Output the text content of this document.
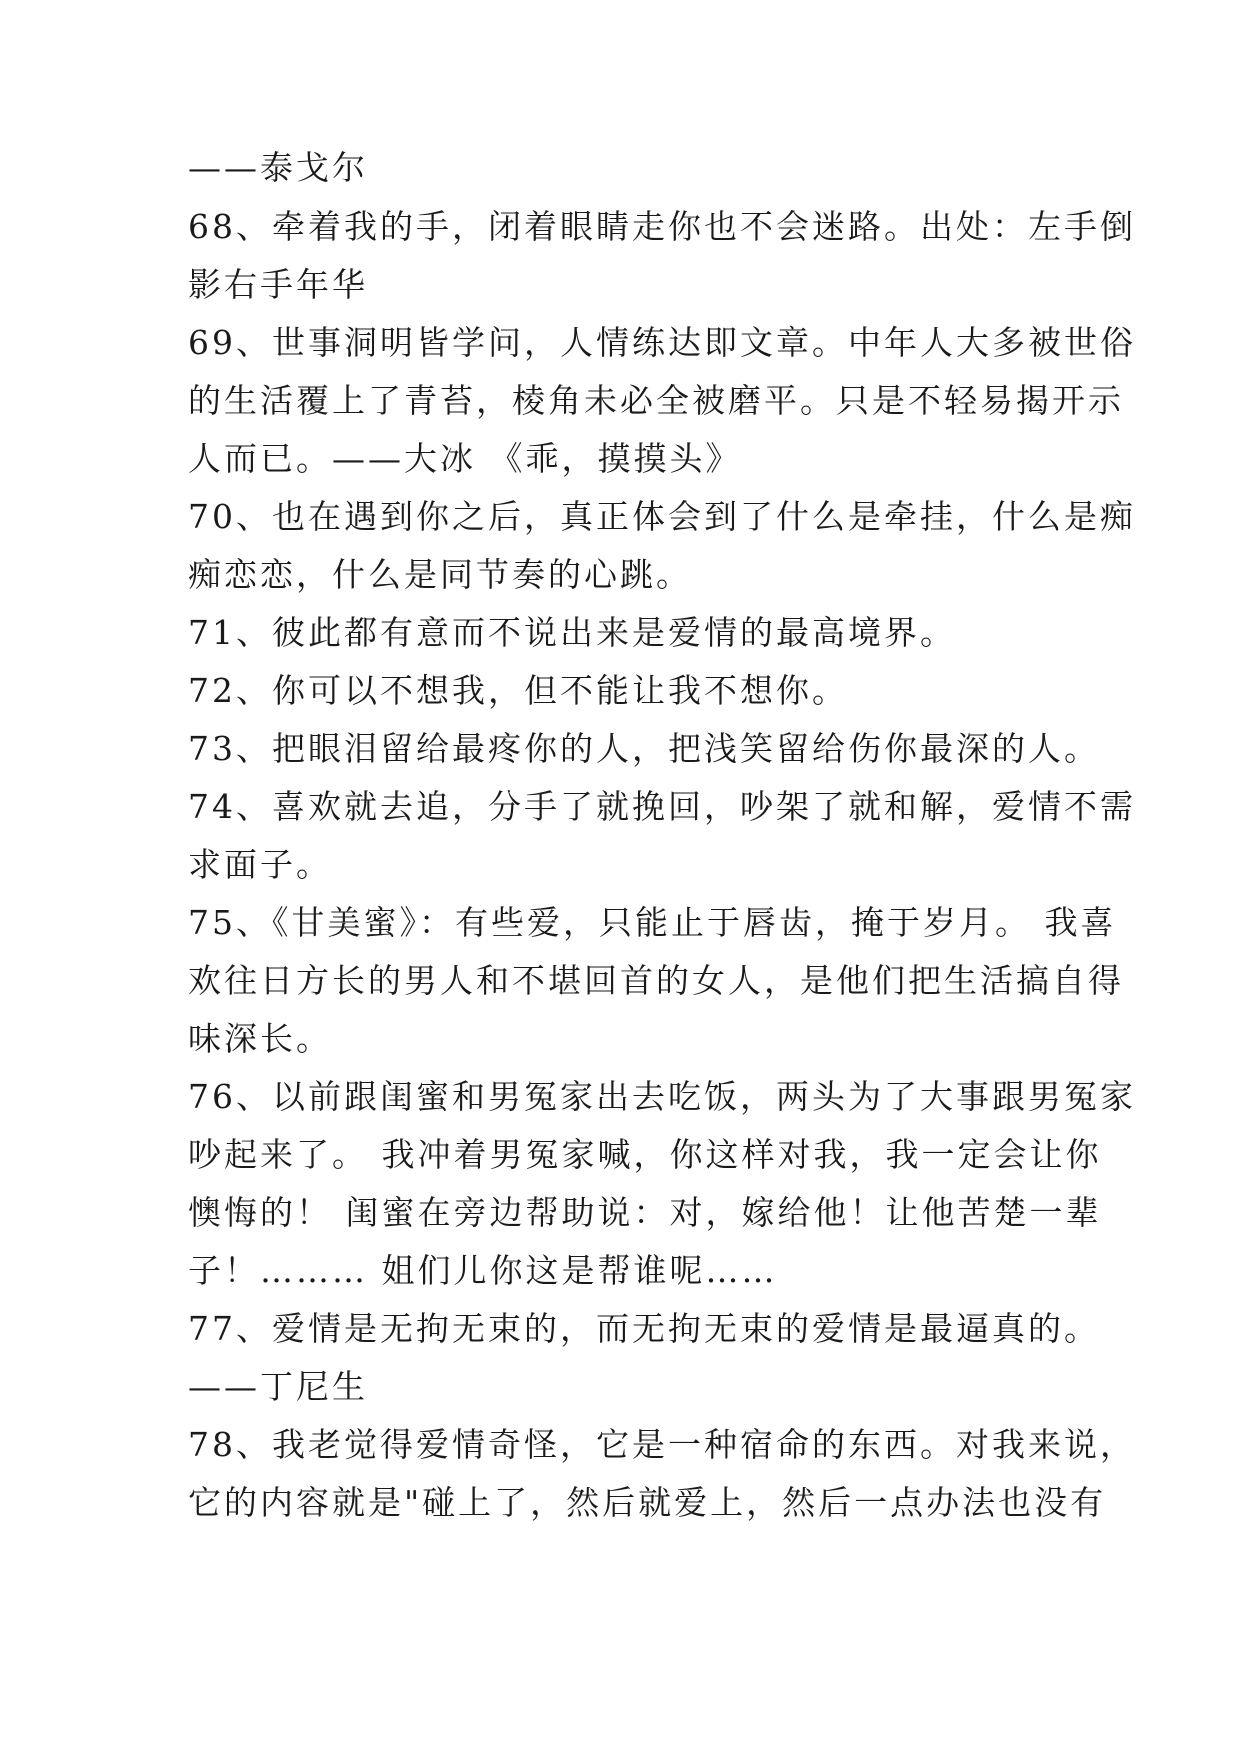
——泰戈尔
68、牵着我的手，闭着眼睛走你也不会迷路。出处：左手倒
影右手年华
69、世事洞明皆学问，人情练达即文章。中年人大多被世俗
的生活覆上了青苔，棱角未必全被磨平。只是不轻易揭开示
人而已。——大冰 《乖，摸摸头》
70、也在遇到你之后，真正体会到了什么是牵挂，什么是痴
痴恋恋，什么是同节奏的心跳。
71、彼此都有意而不说出来是爱情的最高境界。
72、你可以不想我，但不能让我不想你。
73、把眼泪留给最疼你的人，把浅笑留给伤你最深的人。
74、喜欢就去追，分手了就挽回，吵架了就和解，爱情不需
求面子。
75、《甘美蜜》：有些爱，只能止于唇齿，掩于岁月。 我喜
欢往日方长的男人和不堪回首的女人，是他们把生活搞自得
味深长。
76、以前跟闺蜜和男冤家出去吃饭，两头为了大事跟男冤家
吵起来了。 我冲着男冤家喊，你这样对我，我一定会让你
懊悔的！ 闺蜜在旁边帮助说：对，嫁给他！让他苦楚一辈
子！……… 姐们儿你这是帮谁呢……
77、爱情是无拘无束的，而无拘无束的爱情是最逼真的。
——丁尼生
78、我老觉得爱情奇怪，它是一种宿命的东西。对我来说，
它的内容就是"碰上了，然后就爱上，然后一点办法也没有
